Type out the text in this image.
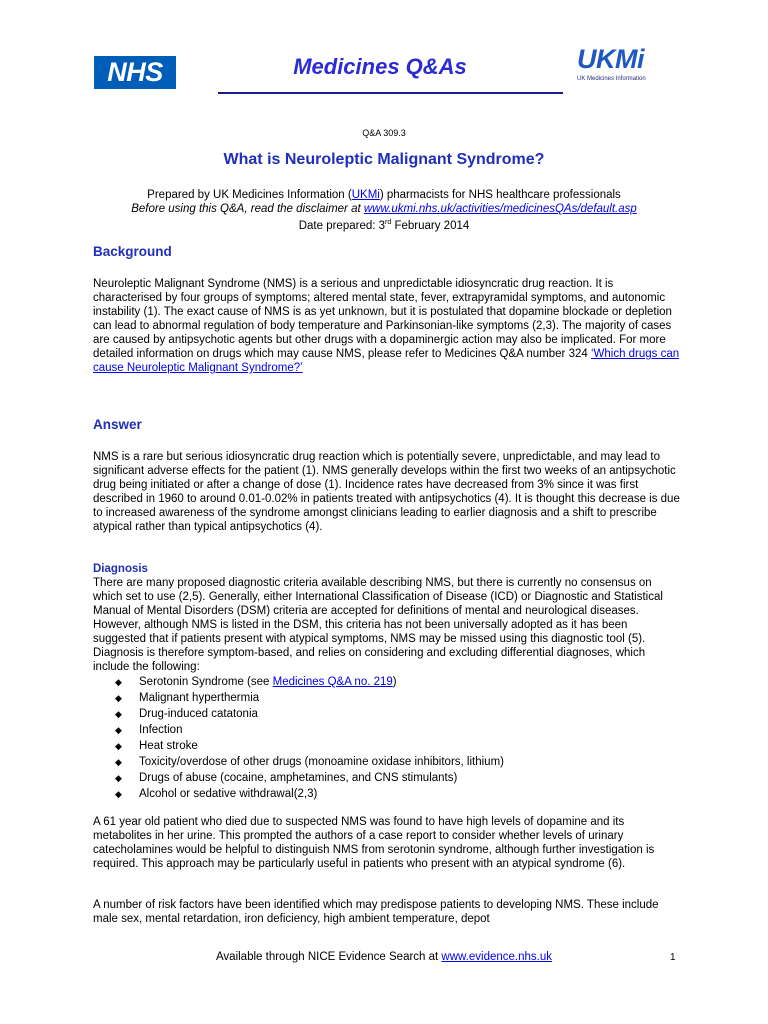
NHS	Medicines Q&As	UKMi
UK Medicines Information
Q&A 309.3
What is Neuroleptic Malignant Syndrome?
Prepared by UK Medicines Information (UKMi) pharmacists for NHS healthcare professionals
Before using this Q&A, read the disclaimer at www.ukmi.nhs.uk/activities/medicinesQAs/default.asp
Date prepared: 3rd February 2014
Background
Neuroleptic Malignant Syndrome (NMS) is a serious and unpredictable idiosyncratic drug reaction. It is characterised by four groups of symptoms; altered mental state, fever, extrapyramidal symptoms, and autonomic instability (1). The exact cause of NMS is as yet unknown, but it is postulated that dopamine blockade or depletion can lead to abnormal regulation of body temperature and Parkinsonian-like symptoms (2,3). The majority of cases are caused by antipsychotic agents but other drugs with a dopaminergic action may also be implicated. For more detailed information on drugs which may cause NMS, please refer to Medicines Q&A number 324 ‘Which drugs can cause Neuroleptic Malignant Syndrome?’
Answer
NMS is a rare but serious idiosyncratic drug reaction which is potentially severe, unpredictable, and may lead to significant adverse effects for the patient (1). NMS generally develops within the first two weeks of an antipsychotic drug being initiated or after a change of dose (1). Incidence rates have decreased from 3% since it was first described in 1960 to around 0.01-0.02% in patients treated with antipsychotics (4). It is thought this decrease is due to increased awareness of the syndrome amongst clinicians leading to earlier diagnosis and a shift to prescribe atypical rather than typical antipsychotics (4).
Diagnosis
There are many proposed diagnostic criteria available describing NMS, but there is currently no consensus on which set to use (2,5). Generally, either International Classification of Disease (ICD) or Diagnostic and Statistical Manual of Mental Disorders (DSM) criteria are accepted for definitions of mental and neurological diseases. However, although NMS is listed in the DSM, this criteria has not been universally adopted as it has been suggested that if patients present with atypical symptoms, NMS may be missed using this diagnostic tool (5). Diagnosis is therefore symptom-based, and relies on considering and excluding differential diagnoses, which include the following:
◆	Serotonin Syndrome (see Medicines Q&A no. 219)
◆	Malignant hyperthermia
◆	Drug-induced catatonia
◆	Infection
◆	Heat stroke
◆	Toxicity/overdose of other drugs (monoamine oxidase inhibitors, lithium)
◆	Drugs of abuse (cocaine, amphetamines, and CNS stimulants)
◆	Alcohol or sedative withdrawal(2,3)
A 61 year old patient who died due to suspected NMS was found to have high levels of dopamine and its metabolites in her urine. This prompted the authors of a case report to consider whether levels of urinary catecholamines would be helpful to distinguish NMS from serotonin syndrome, although further investigation is required. This approach may be particularly useful in patients who present with an atypical syndrome (6).
A number of risk factors have been identified which may predispose patients to developing NMS. These include male sex, mental retardation, iron deficiency, high ambient temperature, depot
Available through NICE Evidence Search at www.evidence.nhs.uk	1
